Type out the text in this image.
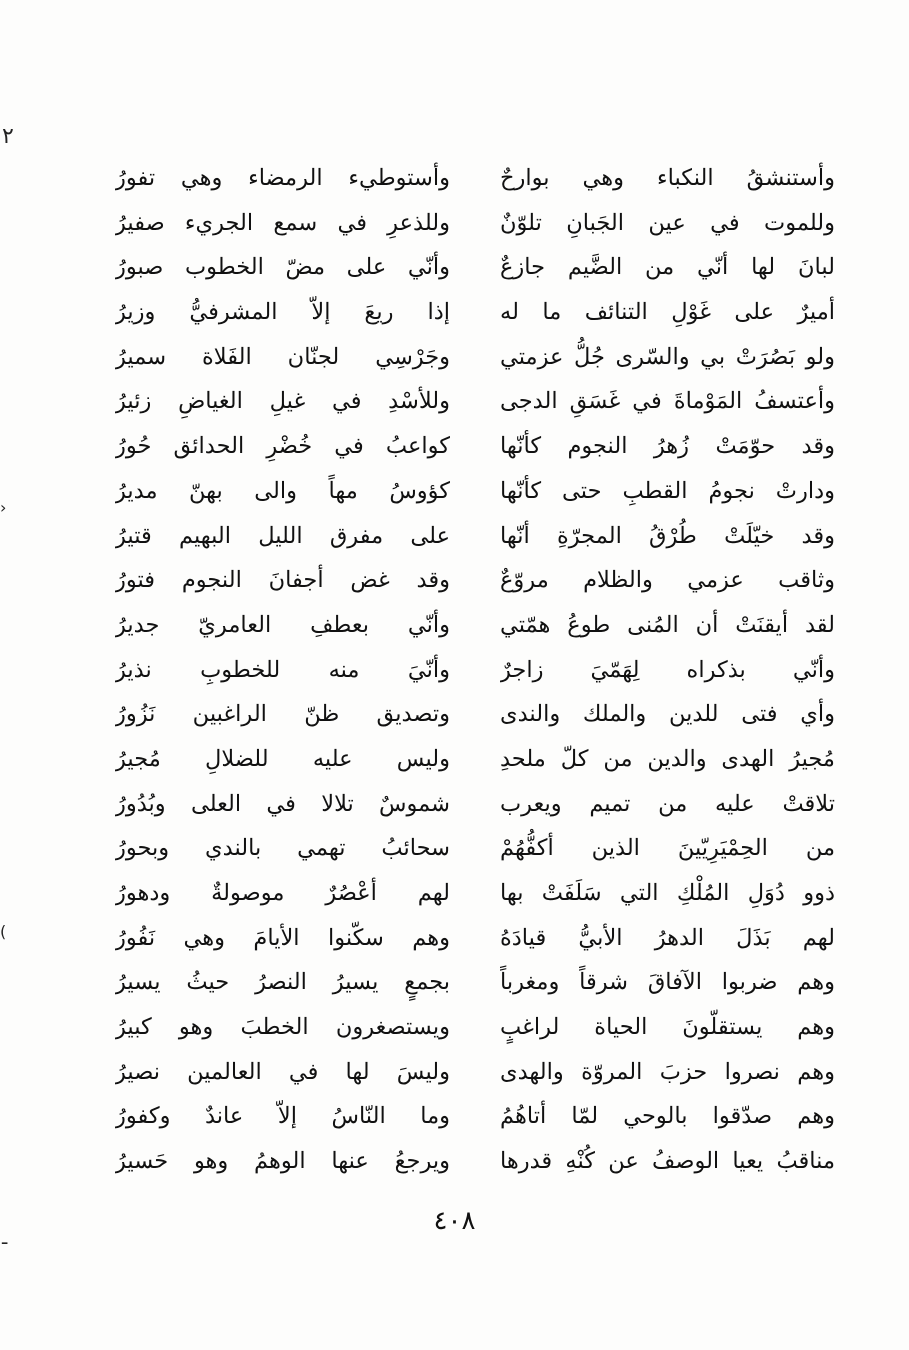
٢
›
(
ـ
وأستنشقُ النكباء وهي بوارحٌ
وللموت في عين الجَبانِ تلوّنٌ
لبانَ لها أنّي من الضَّيم جازعٌ
أميرٌ على غَوْلِ التنائف ما له
ولو بَصُرَتْ بي والسّرى جُلُّ عزمتي
وأعتسفُ المَوْماةَ في غَسَقِ الدجى
وقد حوّمَتْ زُهرُ النجوم كأنّها
ودارتْ نجومُ القطبِ حتى كأنّها
وقد خيّلَتْ طُرْقُ المجرّةِ أنّها
وثاقب عزمي والظلام مروّعٌ
لقد أيقنَتْ أن المُنى طوعُ همّتي
وأنّي بذكراه لِهَمّيَ زاجرٌ
وأي فتى للدين والملك والندى
مُجيرُ الهدى والدين من كلّ ملحدِ
تلاقتْ عليه من تميم ويعرب
من الحِمْيَرِيّينَ الذين أكفُّهُمْ
ذوو دُوَلِ المُلْكِ التي سَلَفَتْ بها
لهم بَذَلَ الدهرُ الأبيُّ قيادَهُ
وهم ضربوا الآفاقَ شرقاً ومغرباً
وهم يستقلّونَ الحياة لراغبٍ
وهم نصروا حزبَ المروّة والهدى
وهم صدّقوا بالوحي لمّا أتاهُمُ
مناقبُ يعيا الوصفُ عن كُنْهِ قدرها
وأستوطيء الرمضاء وهي تفورُ
وللذعرِ في سمع الجريء صفيرُ
وأنّي على مضّ الخطوب صبورُ
إذا ريعَ إلاّ المشرفيُّ وزيرُ
وجَرْسِي لجنّان الفَلاة سميرُ
وللأسْدِ في غيلِ الغياضِ زئيرُ
كواعبُ في خُضْرِ الحدائق حُورُ
كؤوسُ مهاً والى بهنّ مديرُ
على مفرق الليل البهيم قتيرُ
وقد غض أجفانَ النجوم فتورُ
وأنّي بعطفِ العامريّ جديرُ
وأنّيَ منه للخطوبِ نذيرُ
وتصديق ظنّ الراغبين نَزُورُ
وليس عليه للضلالِ مُجيرُ
شموسٌ تلالا في العلى وبُدُورُ
سحائبُ تهمي بالندي وبحورُ
لهم أعْصُرٌ موصولةٌ ودهورُ
وهم سكّنوا الأيامَ وهي نَفُورُ
بجمعٍ يسيرُ النصرُ حيثُ يسيرُ
ويستصغرون الخطبَ وهو كبيرُ
وليسَ لها في العالمين نصيرُ
وما النّاسُ إلاّ عاندٌ وكفورُ
ويرجعُ عنها الوهمُ وهو حَسيرُ
٤٠٨
